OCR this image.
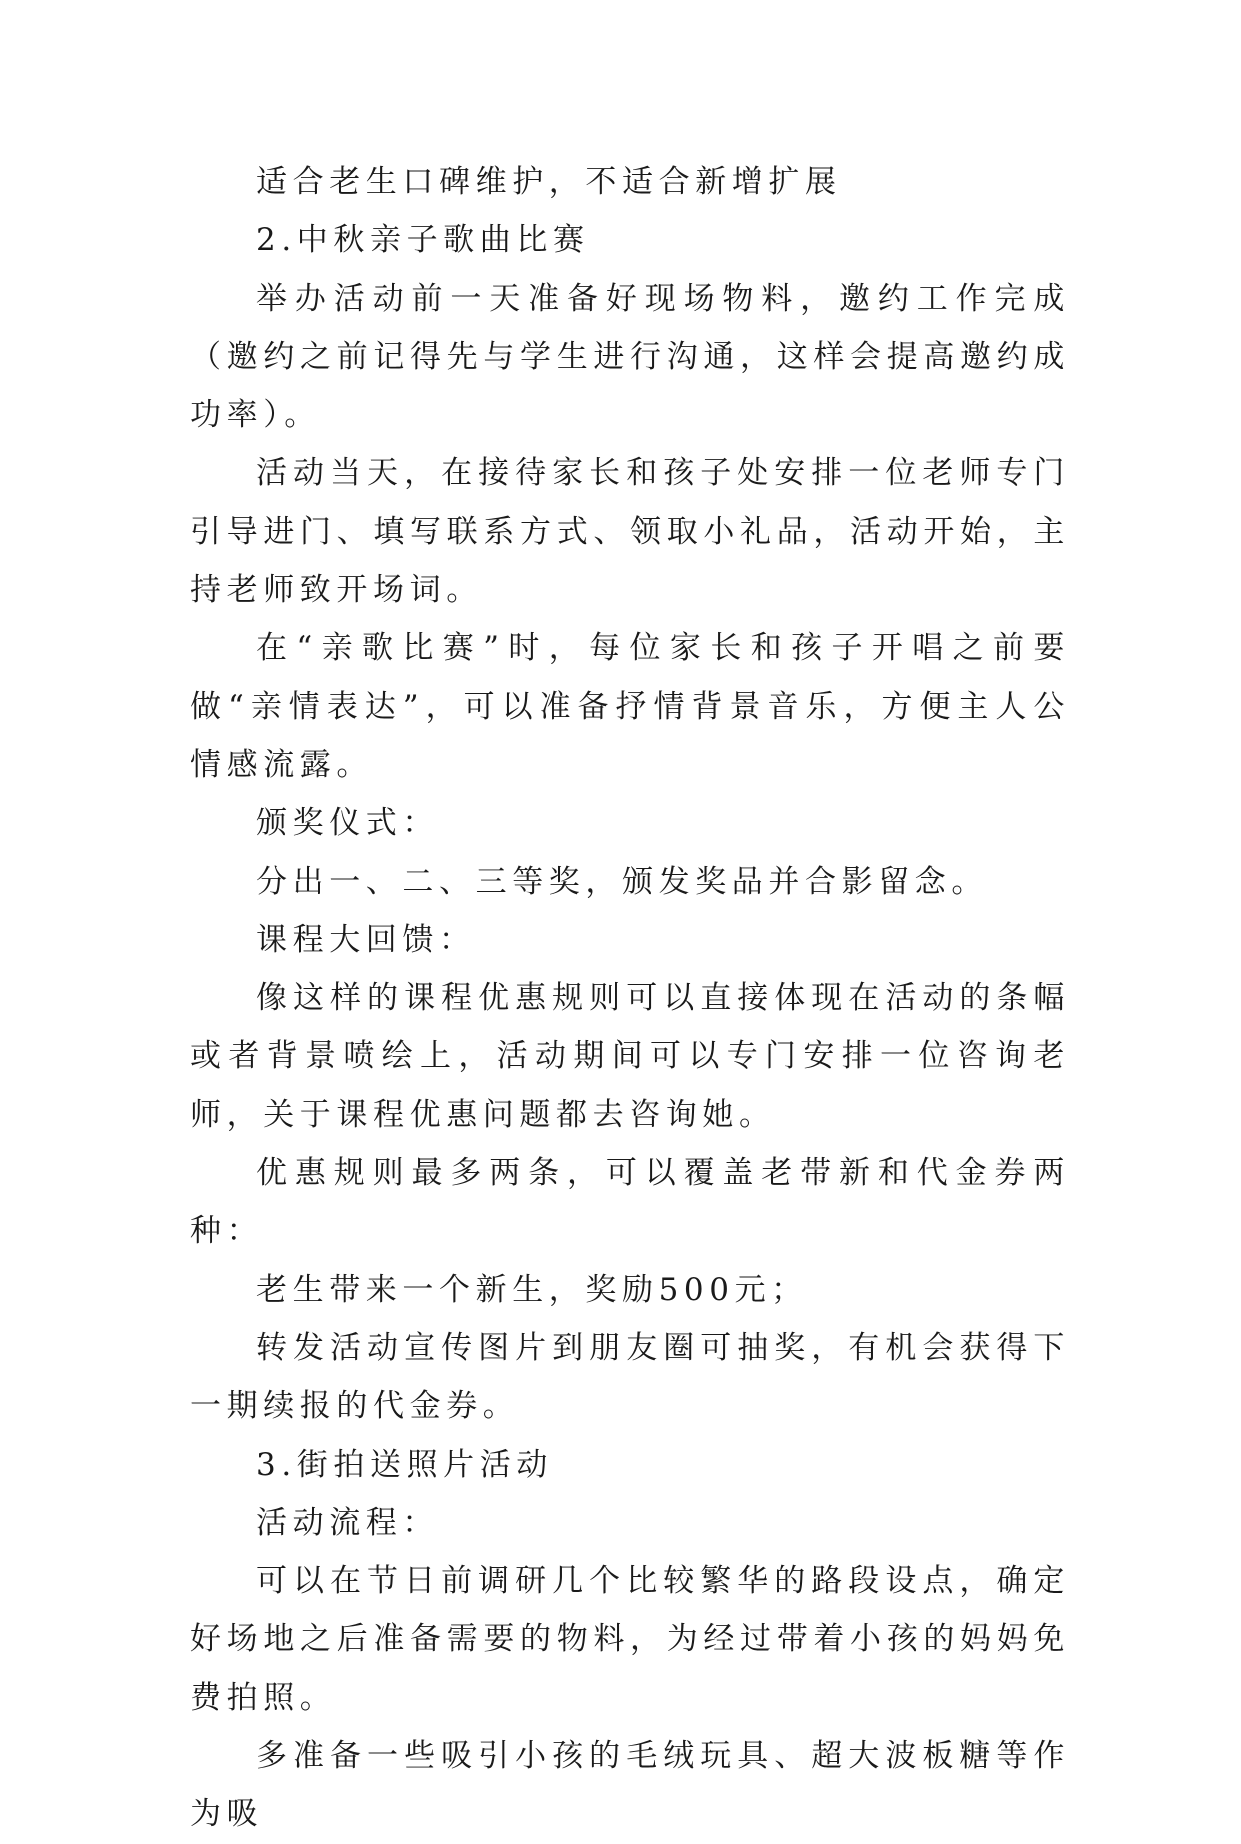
适合老生口碑维护，不适合新增扩展

2.中秋亲子歌曲比赛

举办活动前一天准备好现场物料，邀约工作完成（邀约之前记得先与学生进行沟通，这样会提高邀约成功率）。

活动当天，在接待家长和孩子处安排一位老师专门引导进门、填写联系方式、领取小礼品，活动开始，主持老师致开场词。

在“亲歌比赛”时，每位家长和孩子开唱之前要做“亲情表达”，可以准备抒情背景音乐，方便主人公情感流露。

颁奖仪式：

分出一、二、三等奖，颁发奖品并合影留念。

课程大回馈：

像这样的课程优惠规则可以直接体现在活动的条幅或者背景喷绘上，活动期间可以专门安排一位咨询老师，关于课程优惠问题都去咨询她。

优惠规则最多两条，可以覆盖老带新和代金券两种：

老生带来一个新生，奖励500元；

转发活动宣传图片到朋友圈可抽奖，有机会获得下一期续报的代金券。

3.街拍送照片活动

活动流程：

可以在节日前调研几个比较繁华的路段设点，确定好场地之后准备需要的物料，为经过带着小孩的妈妈免费拍照。

多准备一些吸引小孩的毛绒玩具、超大波板糖等作为吸
